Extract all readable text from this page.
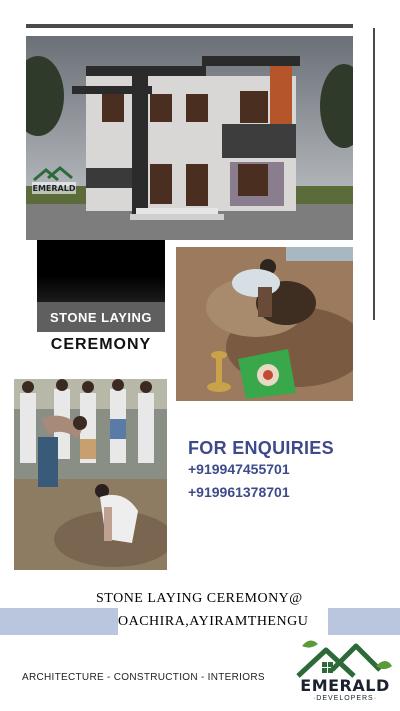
EMERALD
STONE LAYING
CEREMONY
FOR ENQUIRIES
+919947455701
+919961378701
STONE LAYING CEREMONY@
OACHIRA,AYIRAMTHENGU
ARCHITECTURE - CONSTRUCTION - INTERIORS EMERALD
·DEVELOPERS·
